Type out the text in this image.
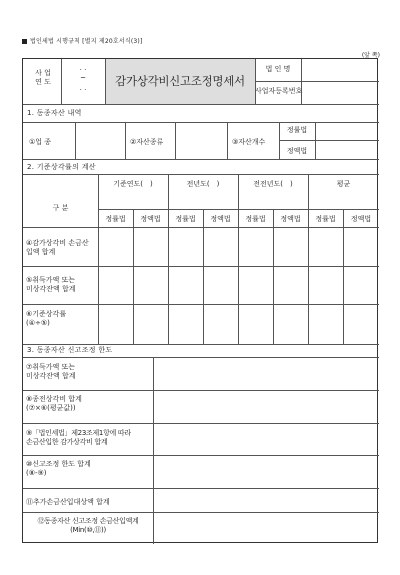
법인세법 시행규칙 [별지 제20호서식(3)]
(앞 쪽)
사 업
연 도
. .
~
. .
감가상각비신고조정명세서
법 인 명
사업자등록번호
1. 동종자산 내역
①업 종	②자산종류	③자산개수
정률법
정액법
2. 기준상각률의 계산
구 분
기준연도(　)	전년도(　)	전전년도(　)	평균
정률법	정액법	정률법	정액법	정률법	정액법	정률법	정액법
④감가상각비 손금산
입액 합계
⑤취득가액 또는
미상각잔액 합계
⑥기준상각률
(④÷⑤)
3. 동종자산 신고조정 한도
⑦취득가액 또는
미상각잔액 합계
⑧종전상각비 합계
(⑦×⑥(평균값))
⑨「법인세법」제23조제1항에 따라
손금산입한 감가상각비 합계
⑩신고조정 한도 합계
(⑧-⑨)
⑪추가손금산입대상액 합계
⑫동종자산 신고조정 손금산입액계
(Min(⑩,⑪))
